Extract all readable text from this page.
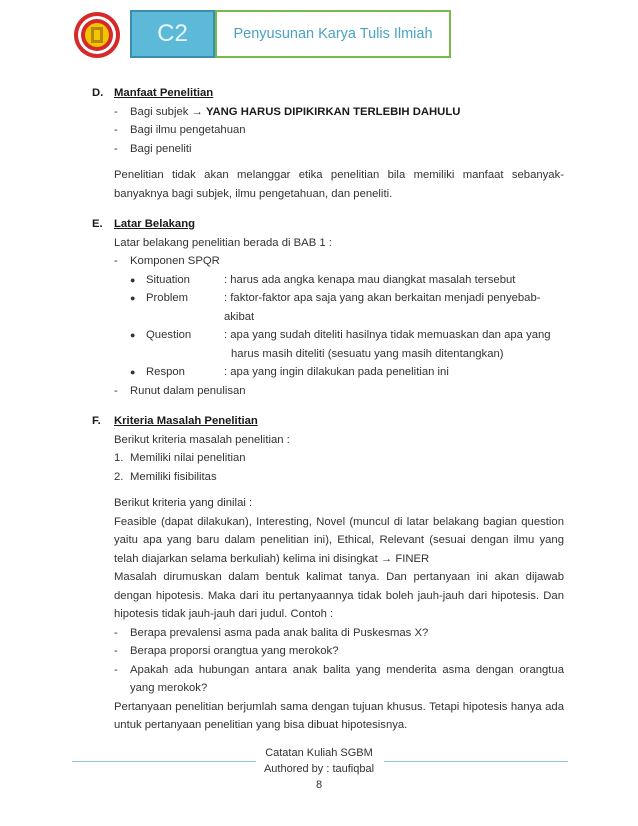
C2	Penyusunan Karya Tulis Ilmiah
D. Manfaat Penelitian
-	Bagi subjek → YANG HARUS DIPIKIRKAN TERLEBIH DAHULU
-	Bagi ilmu pengetahuan
-	Bagi peneliti
Penelitian tidak akan melanggar etika penelitian bila memiliki manfaat sebanyak-banyaknya bagi subjek, ilmu pengetahuan, dan peneliti.
E.	Latar Belakang
Latar belakang penelitian berada di BAB 1 :
-	Komponen SPQR
● Situation	: harus ada angka kenapa mau diangkat masalah tersebut
● Problem	: faktor-faktor apa saja yang akan berkaitan menjadi penyebab-akibat
● Question	: apa yang sudah diteliti hasilnya tidak memuaskan dan apa yang
harus masih diteliti (sesuatu yang masih ditentangkan)
● Respon	: apa yang ingin dilakukan pada penelitian ini
-	Runut dalam penulisan
F.	Kriteria Masalah Penelitian
Berikut kriteria masalah penelitian :
1. Memiliki nilai penelitian
2. Memiliki fisibilitas
Berikut kriteria yang dinilai :
Feasible (dapat dilakukan), Interesting, Novel (muncul di latar belakang bagian question yaitu apa yang baru dalam penelitian ini), Ethical, Relevant (sesuai dengan ilmu yang telah diajarkan selama berkuliah) kelima ini disingkat → FINER
Masalah dirumuskan dalam bentuk kalimat tanya. Dan pertanyaan ini akan dijawab dengan hipotesis. Maka dari itu pertanyaannya tidak boleh jauh-jauh dari hipotesis. Dan hipotesis tidak jauh-jauh dari judul. Contoh :
-	Berapa prevalensi asma pada anak balita di Puskesmas X?
-	Berapa proporsi orangtua yang merokok?
-	Apakah ada hubungan antara anak balita yang menderita asma dengan orangtua yang merokok?
Pertanyaan penelitian berjumlah sama dengan tujuan khusus. Tetapi hipotesis hanya ada untuk pertanyaan penelitian yang bisa dibuat hipotesisnya.
Catatan Kuliah SGBM
Authored by : taufiqbal
8
